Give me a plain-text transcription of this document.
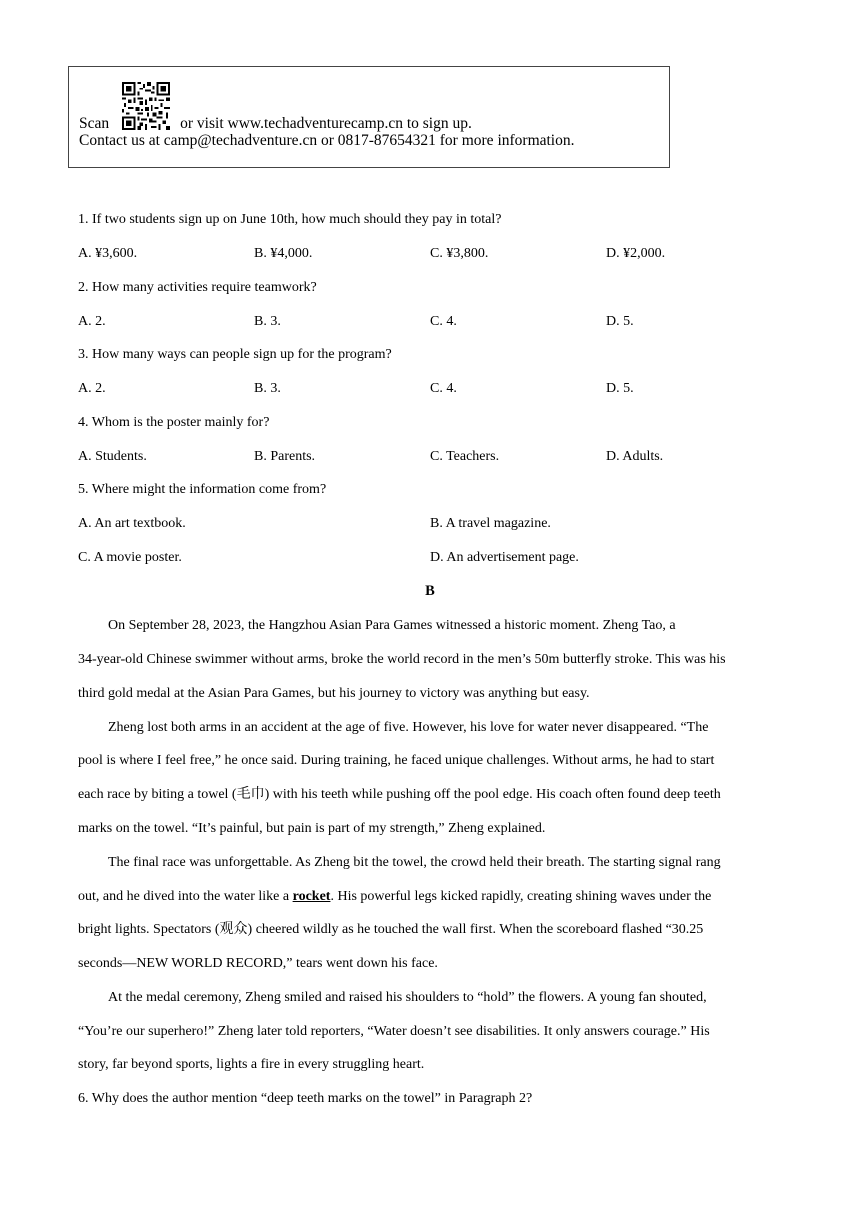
Scan	or visit www.techadventurecamp.cn to sign up.
Contact us at camp@techadventure.cn or 0817-87654321 for more information.
1. If two students sign up on June 10th, how much should they pay in total?
A. ¥3,600.	B. ¥4,000.	C. ¥3,800.	D. ¥2,000.
2. How many activities require teamwork?
A. 2.	B. 3.	C. 4.	D. 5.
3. How many ways can people sign up for the program?
A. 2.	B. 3.	C. 4.	D. 5.
4. Whom is the poster mainly for?
A. Students.	B. Parents.	C. Teachers.	D. Adults.
5. Where might the information come from?
A. An art textbook.	B. A travel magazine.
C. A movie poster.	D. An advertisement page.
B
On September 28, 2023, the Hangzhou Asian Para Games witnessed a historic moment. Zheng Tao, a
34-year-old Chinese swimmer without arms, broke the world record in the men’s 50m butterfly stroke. This was his
third gold medal at the Asian Para Games, but his journey to victory was anything but easy.
Zheng lost both arms in an accident at the age of five. However, his love for water never disappeared. “The
pool is where I feel free,” he once said. During training, he faced unique challenges. Without arms, he had to start
each race by biting a towel (毛巾) with his teeth while pushing off the pool edge. His coach often found deep teeth
marks on the towel. “It’s painful, but pain is part of my strength,” Zheng explained.
The final race was unforgettable. As Zheng bit the towel, the crowd held their breath. The starting signal rang
out, and he dived into the water like a rocket. His powerful legs kicked rapidly, creating shining waves under the
bright lights. Spectators (观众) cheered wildly as he touched the wall first. When the scoreboard flashed “30.25
seconds—NEW WORLD RECORD,” tears went down his face.
At the medal ceremony, Zheng smiled and raised his shoulders to “hold” the flowers. A young fan shouted,
“You’re our superhero!” Zheng later told reporters, “Water doesn’t see disabilities. It only answers courage.” His
story, far beyond sports, lights a fire in every struggling heart.
6. Why does the author mention “deep teeth marks on the towel” in Paragraph 2?
